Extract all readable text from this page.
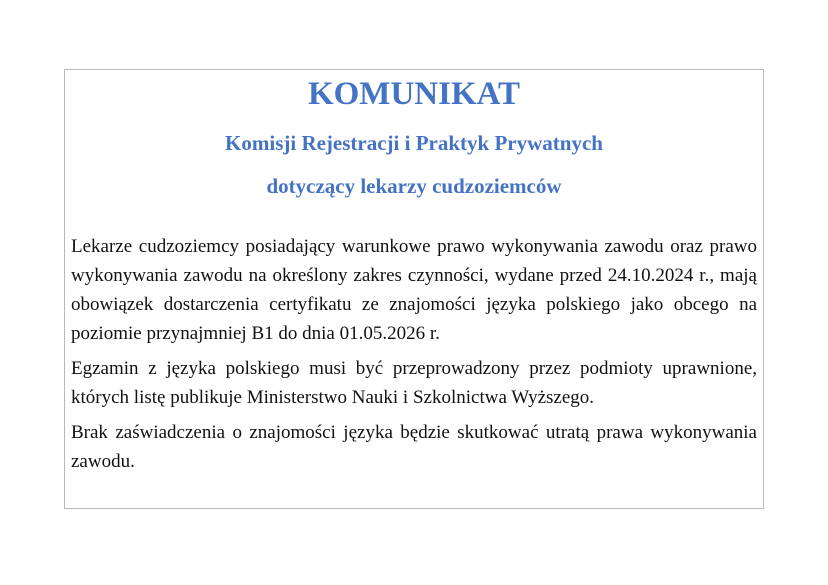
KOMUNIKAT
Komisji Rejestracji i Praktyk Prywatnych
dotyczący lekarzy cudzoziemców

Lekarze cudzoziemcy posiadający warunkowe prawo wykonywania zawodu oraz prawo wykonywania zawodu na określony zakres czynności, wydane przed 24.10.2024 r., mają obowiązek dostarczenia certyfikatu ze znajomości języka polskiego jako obcego na poziomie przynajmniej B1 do dnia 01.05.2026 r.

Egzamin z języka polskiego musi być przeprowadzony przez podmioty uprawnione, których listę publikuje Ministerstwo Nauki i Szkolnictwa Wyższego.

Brak zaświadczenia o znajomości języka będzie skutkować utratą prawa wykonywania zawodu.
